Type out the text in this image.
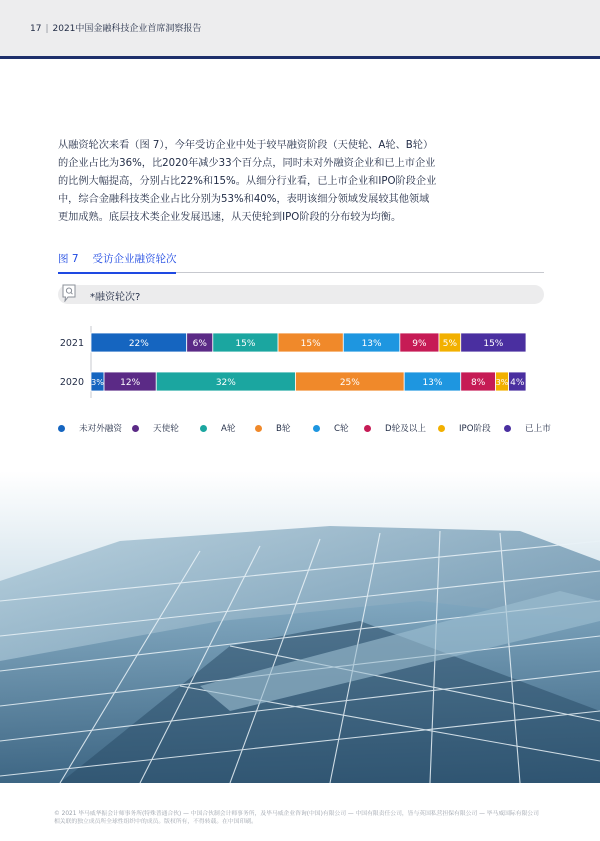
17 | 2021中国金融科技企业首席洞察报告

从融资轮次来看（图 7），今年受访企业中处于较早融资阶段（天使轮、A轮、B轮）的企业占比为36%，比2020年减少33个百分点，同时未对外融资企业和已上市企业的比例大幅提高，分别占比22%和15%。从细分行业看，已上市企业和IPO阶段企业中，综合金融科技类企业占比分别为53%和40%，表明该细分领域发展较其他领域更加成熟。底层技术类企业发展迅速，从天使轮到IPO阶段的分布较为均衡。

图 7 受访企业融资轮次
*融资轮次?
2021	22%	6%	15%	15%	13%	9% 5%	15%
2020 3% 12%	32%	25%	13%	8% 3% 4%
未对外融资	天使轮	A轮	B轮	C轮	D轮及以上	IPO阶段	已上市
© 2021 毕马威华振会计师事务所(特殊普通合伙) — 中国合伙制会计师事务所，及毕马威企业咨询(中国)有限公司 — 中国有限责任公司，皆与英国私营担保有限公司 — 毕马威国际有限公司
相关联的独立成员所全球性组织中的成员。版权所有，不得转载。在中国印刷。
